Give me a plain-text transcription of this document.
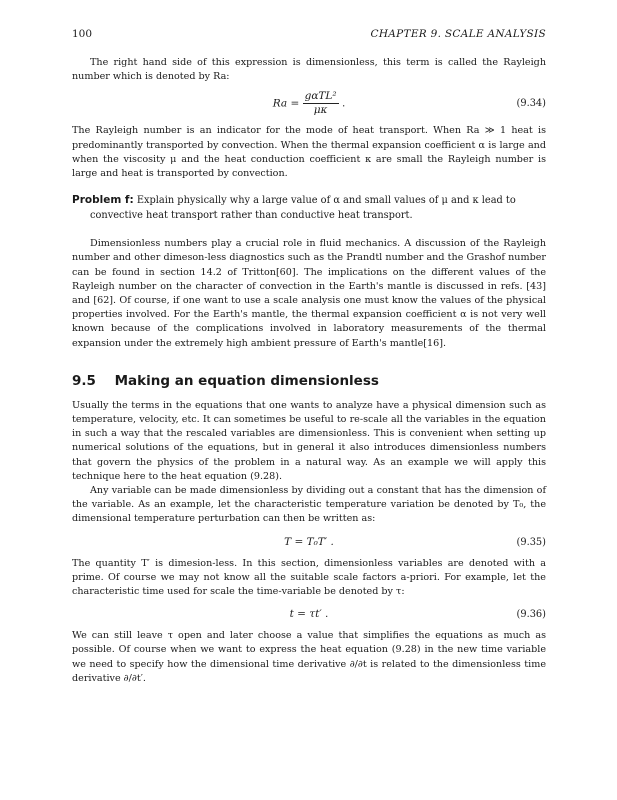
100	CHAPTER 9. SCALE ANALYSIS

The right hand side of this expression is dimensionless, this term is called the Rayleigh number which is denoted by Ra:

$Ra = \frac{\text{gαTL²}}{\mu\kappa}$ .	(9.34)

The Rayleigh number is an indicator for the mode of heat transport. When Ra ≫ 1 heat is predominantly transported by convection. When the thermal expansion coefficient α is large and when the viscosity μ and the heat conduction coefficient κ are small the Rayleigh number is large and heat is transported by convection.

Problem f: Explain physically why a large value of α and small values of μ and κ lead to convective heat transport rather than conductive heat transport.

Dimensionless numbers play a crucial role in fluid mechanics. A discussion of the Rayleigh number and other dimeson-less diagnostics such as the Prandtl number and the Grashof number can be found in section 14.2 of Tritton[60]. The implications on the different values of the Rayleigh number on the character of convection in the Earth's mantle is discussed in refs. [43] and [62]. Of course, if one want to use a scale analysis one must know the values of the physical properties involved. For the Earth's mantle, the thermal expansion coefficient α is not very well known because of the complications involved in laboratory measurements of the thermal expansion under the extremely high ambient pressure of Earth's mantle[16].

9.5 Making an equation dimensionless

Usually the terms in the equations that one wants to analyze have a physical dimension such as temperature, velocity, etc. It can sometimes be useful to re-scale all the variables in the equation in such a way that the rescaled variables are dimensionless. This is convenient when setting up numerical solutions of the equations, but in general it also introduces dimensionless numbers that govern the physics of the problem in a natural way. As an example we will apply this technique here to the heat equation (9.28).

Any variable can be made dimensionless by dividing out a constant that has the dimension of the variable. As an example, let the characteristic temperature variation be denoted by T₀, the dimensional temperature perturbation can then be written as:

T = T₀T′ .	(9.35)

The quantity T′ is dimesion-less. In this section, dimensionless variables are denoted with a prime. Of course we may not know all the suitable scale factors a-priori. For example, let the characteristic time used for scale the time-variable be denoted by τ:

t = τt′ .	(9.36)

We can still leave τ open and later choose a value that simplifies the equations as much as possible. Of course when we want to express the heat equation (9.28) in the new time variable we need to specify how the dimensional time derivative ∂/∂t is related to the dimensionless time derivative ∂/∂t′.
